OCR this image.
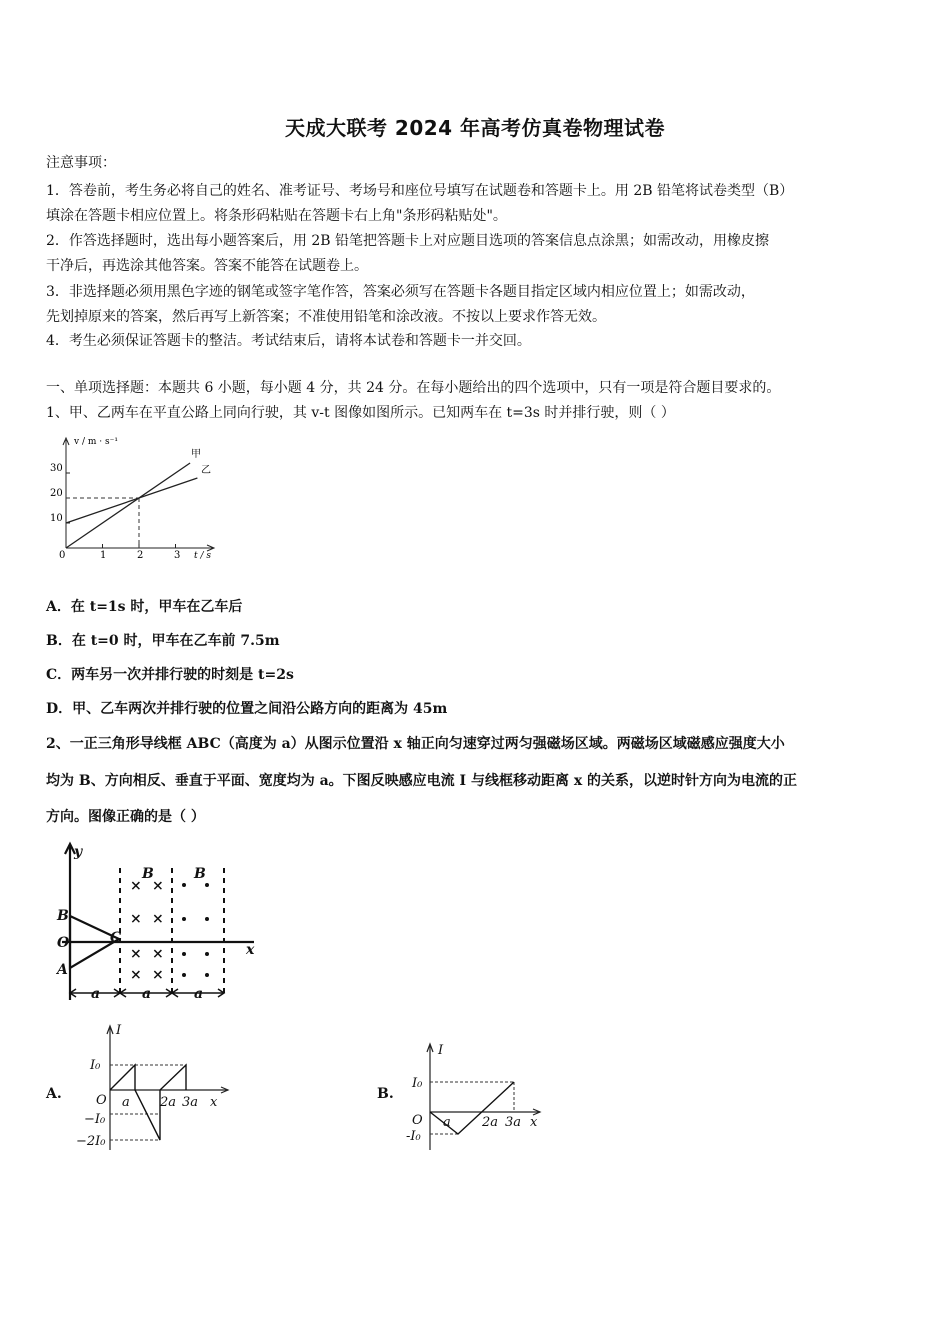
天成大联考 2024 年高考仿真卷物理试卷
注意事项：
1．答卷前，考生务必将自己的姓名、准考证号、考场号和座位号填写在试题卷和答题卡上。用 2B 铅笔将试卷类型（B）
填涂在答题卡相应位置上。将条形码粘贴在答题卡右上角"条形码粘贴处"。
2．作答选择题时，选出每小题答案后，用 2B 铅笔把答题卡上对应题目选项的答案信息点涂黑；如需改动，用橡皮擦
干净后，再选涂其他答案。答案不能答在试题卷上。
3．非选择题必须用黑色字迹的钢笔或签字笔作答，答案必须写在答题卡各题目指定区域内相应位置上；如需改动，
先划掉原来的答案，然后再写上新答案；不准使用铅笔和涂改液。不按以上要求作答无效。
4．考生必须保证答题卡的整洁。考试结束后，请将本试卷和答题卡一并交回。
一、单项选择题：本题共 6 小题，每小题 4 分，共 24 分。在每小题给出的四个选项中，只有一项是符合题目要求的。
1、甲、乙两车在平直公路上同向行驶，其 v-t 图像如图所示。已知两车在 t=3s 时并排行驶，则（ ）
v / m · s⁻¹
t / s
30
20
10
0	1	2	3
甲
乙
A．在 t=1s 时，甲车在乙车后
B．在 t=0 时，甲车在乙车前 7.5m
C．两车另一次并排行驶的时刻是 t=2s
D．甲、乙车两次并排行驶的位置之间沿公路方向的距离为 45m
2、一正三角形导线框 ABC（高度为 a）从图示位置沿 x 轴正向匀速穿过两匀强磁场区域。两磁场区域磁感应强度大小
均为 B、方向相反、垂直于平面、宽度均为 a。下图反映感应电流 I 与线框移动距离 x 的关系，以逆时针方向为电流的正
方向。图像正确的是（ ）
× ×
× ×
× ×
× ×
y
x
O
B
A
C
B	B
a	a	a
A.
I
I₀
O
−I₀
−2I₀
a 2a 3a x
B.
I
I₀
O
-I₀
a 2a 3a x
